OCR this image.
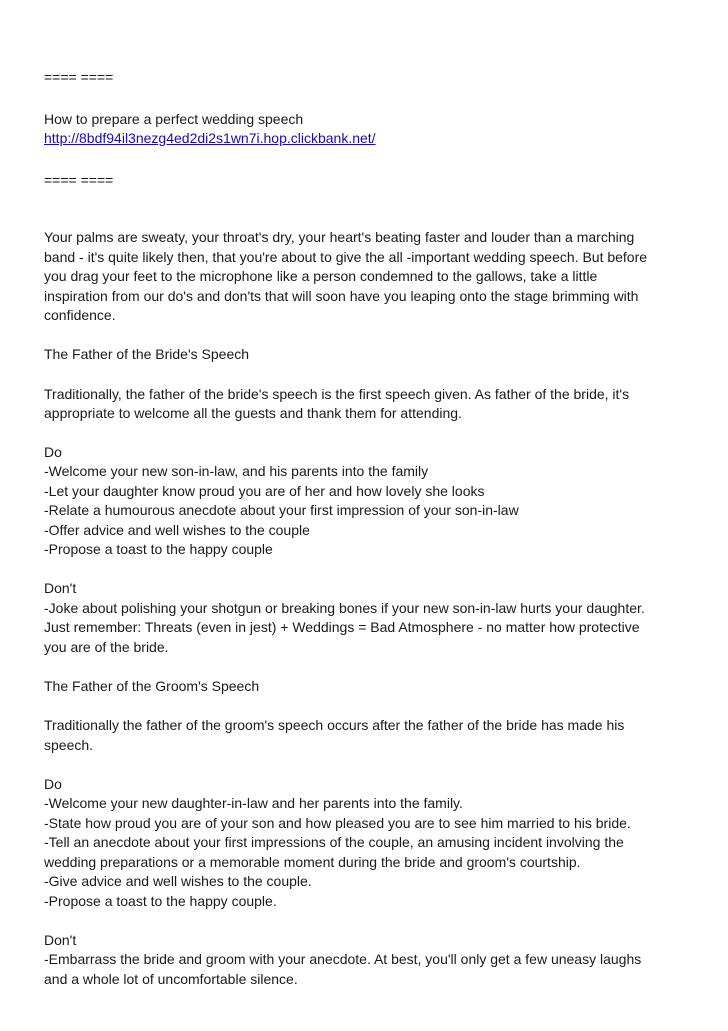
==== ====
How to prepare a perfect wedding speech
http://8bdf94il3nezg4ed2di2s1wn7i.hop.clickbank.net/
==== ====
Your palms are sweaty, your throat's dry, your heart's beating faster and louder than a marching
band - it's quite likely then, that you're about to give the all -important wedding speech. But before
you drag your feet to the microphone like a person condemned to the gallows, take a little
inspiration from our do's and don'ts that will soon have you leaping onto the stage brimming with
confidence.
The Father of the Bride's Speech
Traditionally, the father of the bride's speech is the first speech given. As father of the bride, it's
appropriate to welcome all the guests and thank them for attending.
Do
-Welcome your new son-in-law, and his parents into the family
-Let your daughter know proud you are of her and how lovely she looks
-Relate a humourous anecdote about your first impression of your son-in-law
-Offer advice and well wishes to the couple
-Propose a toast to the happy couple
Don't
-Joke about polishing your shotgun or breaking bones if your new son-in-law hurts your daughter.
Just remember: Threats (even in jest) + Weddings = Bad Atmosphere - no matter how protective
you are of the bride.
The Father of the Groom's Speech
Traditionally the father of the groom's speech occurs after the father of the bride has made his
speech.
Do
-Welcome your new daughter-in-law and her parents into the family.
-State how proud you are of your son and how pleased you are to see him married to his bride.
-Tell an anecdote about your first impressions of the couple, an amusing incident involving the
wedding preparations or a memorable moment during the bride and groom's courtship.
-Give advice and well wishes to the couple.
-Propose a toast to the happy couple.
Don't
-Embarrass the bride and groom with your anecdote. At best, you'll only get a few uneasy laughs
and a whole lot of uncomfortable silence.
